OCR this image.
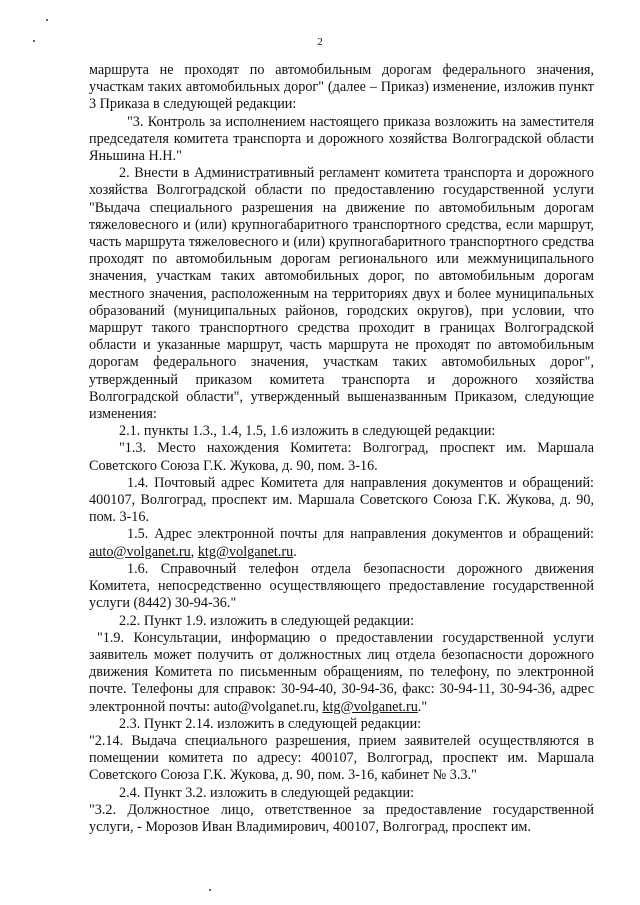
2

маршрута не проходят по автомобильным дорогам федерального значения, участкам таких автомобильных дорог" (далее – Приказ) изменение, изложив пункт 3 Приказа в следующей редакции:

"3. Контроль за исполнением настоящего приказа возложить на заместителя председателя комитета транспорта и дорожного хозяйства Волгоградской области Яньшина Н.Н."

2. Внести в Административный регламент комитета транспорта и дорожного хозяйства Волгоградской области по предоставлению государственной услуги "Выдача специального разрешения на движение по автомобильным дорогам тяжеловесного и (или) крупногабаритного транспортного средства, если маршрут, часть маршрута тяжеловесного и (или) крупногабаритного транспортного средства проходят по автомобильным дорогам регионального или межмуниципального значения, участкам таких автомобильных дорог, по автомобильным дорогам местного значения, расположенным на территориях двух и более муниципальных образований (муниципальных районов, городских округов), при условии, что маршрут такого транспортного средства проходит в границах Волгоградской области и указанные маршрут, часть маршрута не проходят по автомобильным дорогам федерального значения, участкам таких автомобильных дорог", утвержденный приказом комитета транспорта и дорожного хозяйства Волгоградской области", утвержденный вышеназванным Приказом, следующие изменения:

2.1. пункты 1.3., 1.4, 1.5, 1.6 изложить в следующей редакции:

"1.3. Место нахождения Комитета: Волгоград, проспект им. Маршала Советского Союза Г.К. Жукова, д. 90, пом. 3-16.

1.4. Почтовый адрес Комитета для направления документов и обращений: 400107, Волгоград, проспект им. Маршала Советского Союза Г.К. Жукова, д. 90, пом. 3-16.

1.5. Адрес электронной почты для направления документов и обращений: auto@volganet.ru, ktg@volganet.ru.

1.6. Справочный телефон отдела безопасности дорожного движения Комитета, непосредственно осуществляющего предоставление государственной услуги (8442) 30-94-36."

2.2. Пункт 1.9. изложить в следующей редакции:

"1.9. Консультации, информацию о предоставлении государственной услуги заявитель может получить от должностных лиц отдела безопасности дорожного движения Комитета по письменным обращениям, по телефону, по электронной почте. Телефоны для справок: 30-94-40, 30-94-36, факс: 30-94-11, 30-94-36, адрес электронной почты: auto@volganet.ru, ktg@volganet.ru."

2.3. Пункт 2.14. изложить в следующей редакции:

"2.14. Выдача специального разрешения, прием заявителей осуществляются в помещении комитета по адресу: 400107, Волгоград, проспект им. Маршала Советского Союза Г.К. Жукова, д. 90, пом. 3-16, кабинет № 3.3."

2.4. Пункт 3.2. изложить в следующей редакции:

"3.2. Должностное лицо, ответственное за предоставление государственной услуги, - Морозов Иван Владимирович, 400107, Волгоград, проспект им.
